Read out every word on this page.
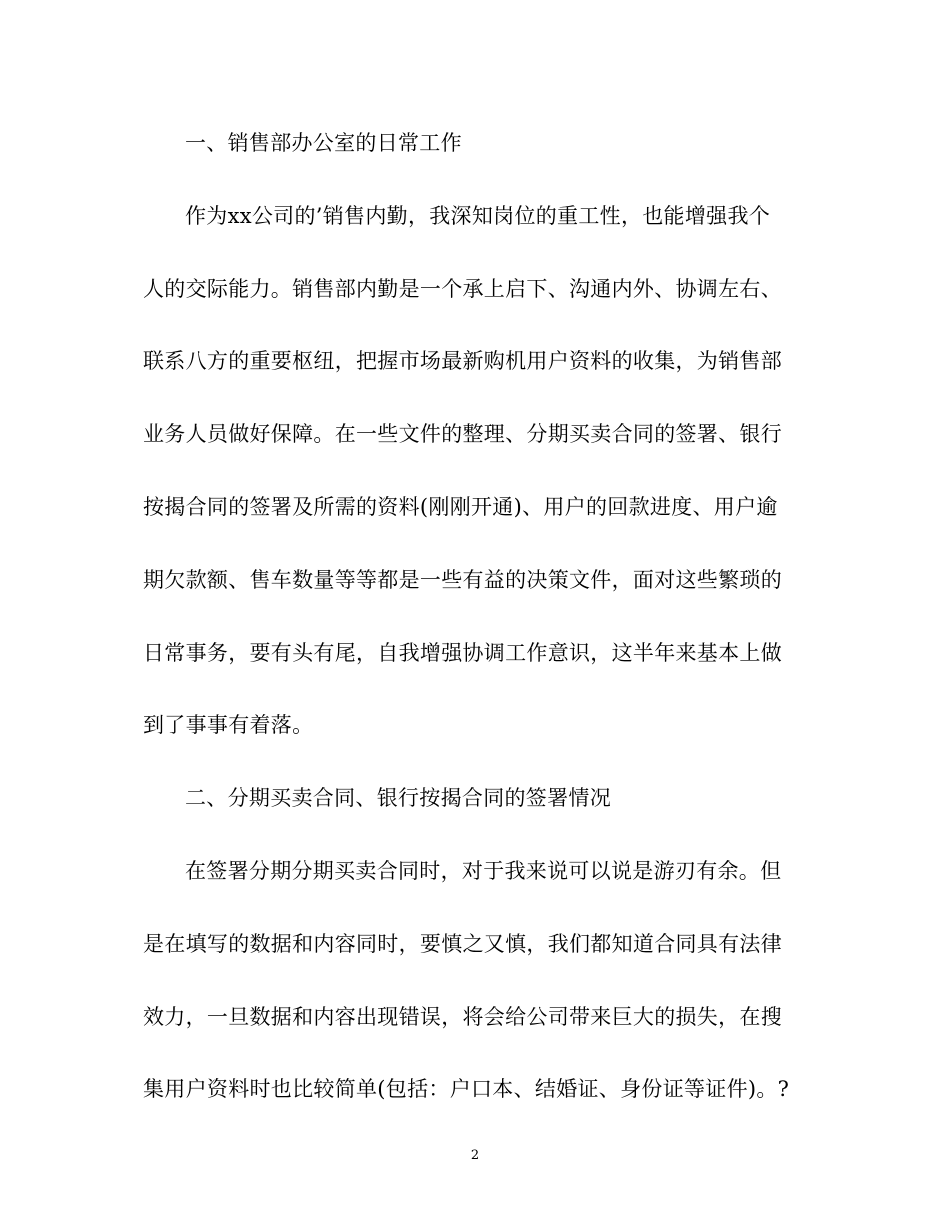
一、销售部办公室的日常工作
作为xx公司的’销售内勤，我深知岗位的重工性，也能增强我个
人的交际能力。销售部内勤是一个承上启下、沟通内外、协调左右、
联系八方的重要枢纽，把握市场最新购机用户资料的收集，为销售部
业务人员做好保障。在一些文件的整理、分期买卖合同的签署、银行
按揭合同的签署及所需的资料(刚刚开通)、用户的回款进度、用户逾
期欠款额、售车数量等等都是一些有益的决策文件，面对这些繁琐的
日常事务，要有头有尾，自我增强协调工作意识，这半年来基本上做
到了事事有着落。
二、分期买卖合同、银行按揭合同的签署情况
在签署分期分期买卖合同时，对于我来说可以说是游刃有余。但
是在填写的数据和内容同时，要慎之又慎，我们都知道合同具有法律
效力，一旦数据和内容出现错误，将会给公司带来巨大的损失，在搜
集用户资料时也比较简单(包括：户口本、结婚证、身份证等证件)。?
2
